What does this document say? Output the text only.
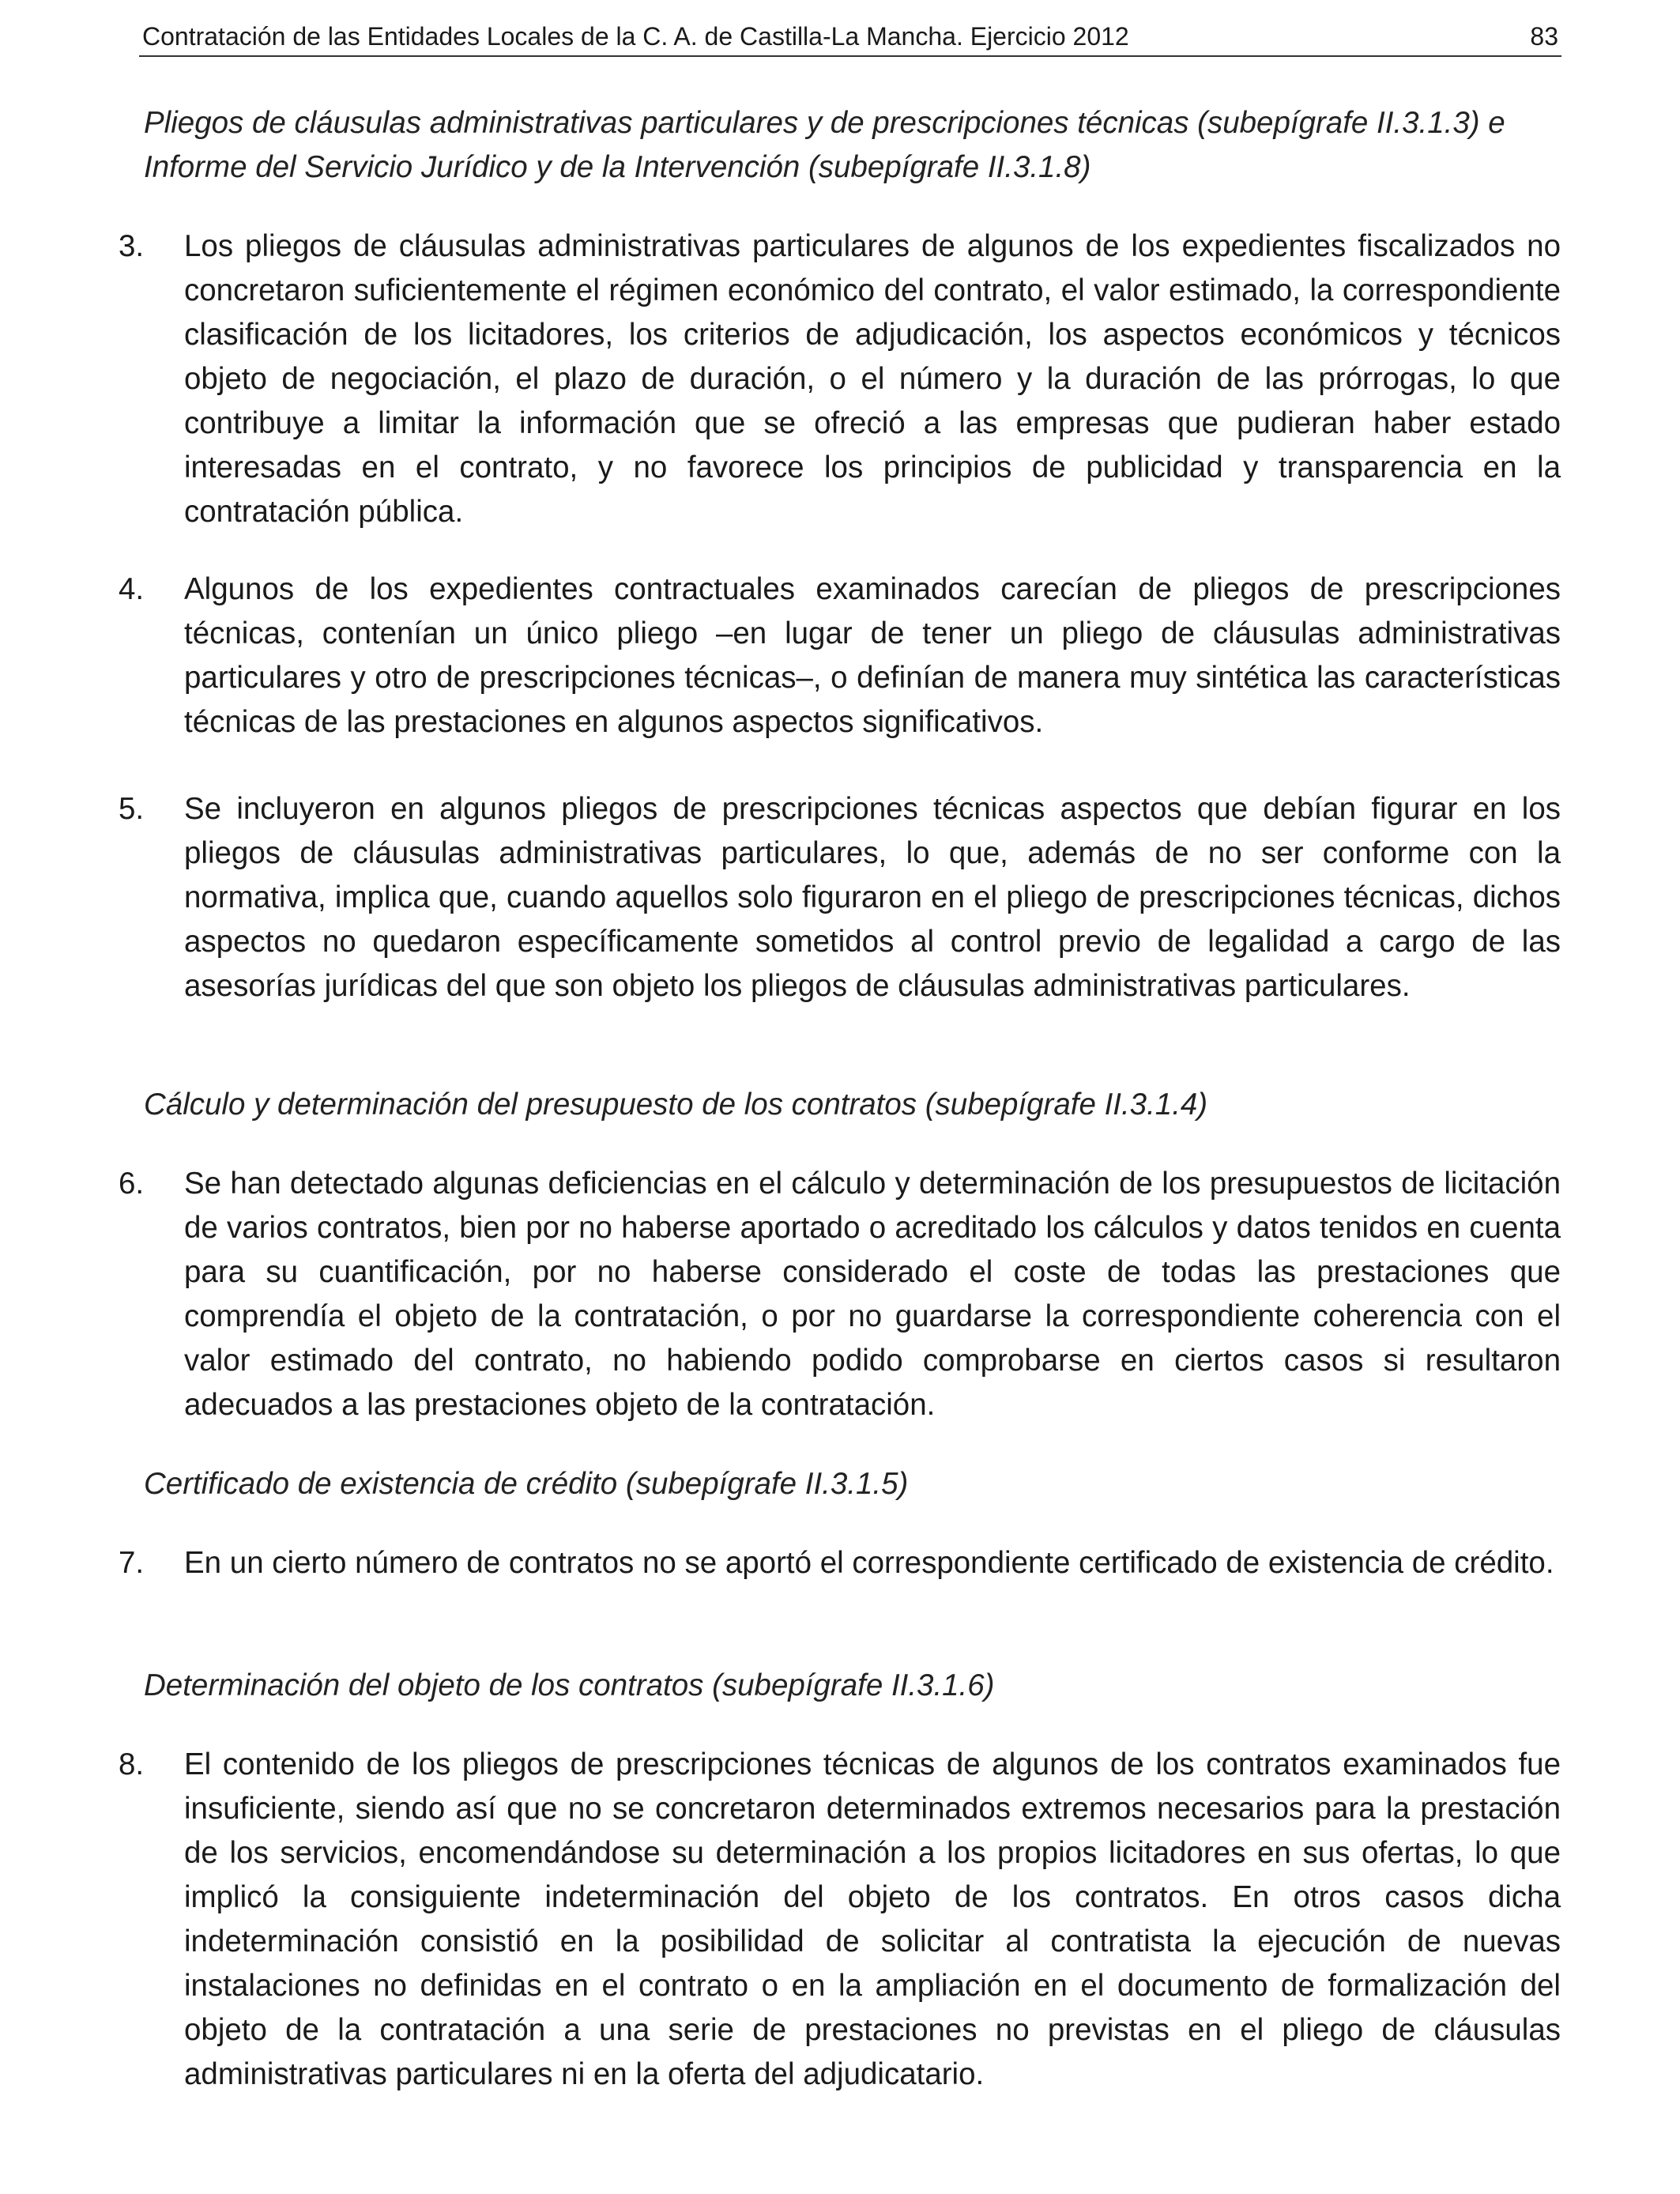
Contratación de las Entidades Locales de la C. A. de Castilla-La Mancha. Ejercicio 2012	83
Pliegos de cláusulas administrativas particulares y de prescripciones técnicas (subepígrafe II.3.1.3) e Informe del Servicio Jurídico y de la Intervención (subepígrafe II.3.1.8)
3.	Los pliegos de cláusulas administrativas particulares de algunos de los expedientes fiscalizados no concretaron suficientemente el régimen económico del contrato, el valor estimado, la correspondiente clasificación de los licitadores, los criterios de adjudicación, los aspectos económicos y técnicos objeto de negociación, el plazo de duración, o el número y la duración de las prórrogas, lo que contribuye a limitar la información que se ofreció a las empresas que pudieran haber estado interesadas en el contrato, y no favorece los principios de publicidad y transparencia en la contratación pública.
4.	Algunos de los expedientes contractuales examinados carecían de pliegos de prescripciones técnicas, contenían un único pliego –en lugar de tener un pliego de cláusulas administrativas particulares y otro de prescripciones técnicas–, o definían de manera muy sintética las características técnicas de las prestaciones en algunos aspectos significativos.
5.	Se incluyeron en algunos pliegos de prescripciones técnicas aspectos que debían figurar en los pliegos de cláusulas administrativas particulares, lo que, además de no ser conforme con la normativa, implica que, cuando aquellos solo figuraron en el pliego de prescripciones técnicas, dichos aspectos no quedaron específicamente sometidos al control previo de legalidad a cargo de las asesorías jurídicas del que son objeto los pliegos de cláusulas administrativas particulares.
Cálculo y determinación del presupuesto de los contratos (subepígrafe II.3.1.4)
6.	Se han detectado algunas deficiencias en el cálculo y determinación de los presupuestos de licitación de varios contratos, bien por no haberse aportado o acreditado los cálculos y datos tenidos en cuenta para su cuantificación, por no haberse considerado el coste de todas las prestaciones que comprendía el objeto de la contratación, o por no guardarse la correspondiente coherencia con el valor estimado del contrato, no habiendo podido comprobarse en ciertos casos si resultaron adecuados a las prestaciones objeto de la contratación.
Certificado de existencia de crédito (subepígrafe II.3.1.5)
7.	En un cierto número de contratos no se aportó el correspondiente certificado de existencia de crédito.
Determinación del objeto de los contratos (subepígrafe II.3.1.6)
8.	El contenido de los pliegos de prescripciones técnicas de algunos de los contratos examinados fue insuficiente, siendo así que no se concretaron determinados extremos necesarios para la prestación de los servicios, encomendándose su determinación a los propios licitadores en sus ofertas, lo que implicó la consiguiente indeterminación del objeto de los contratos. En otros casos dicha indeterminación consistió en la posibilidad de solicitar al contratista la ejecución de nuevas instalaciones no definidas en el contrato o en la ampliación en el documento de formalización del objeto de la contratación a una serie de prestaciones no previstas en el pliego de cláusulas administrativas particulares ni en la oferta del adjudicatario.
